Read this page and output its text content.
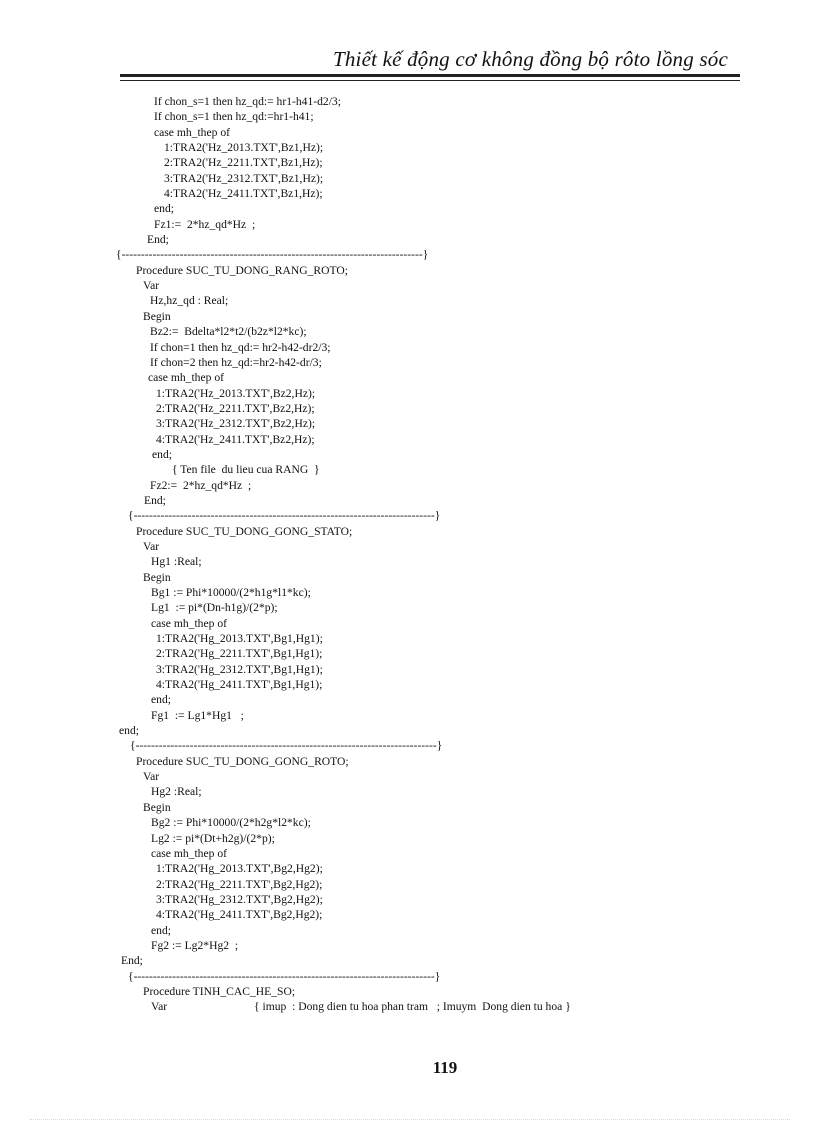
Thiết kế động cơ không đồng bộ rôto lồng sóc
If chon_s=1 then hz_qd:= hr1-h41-d2/3;
If chon_s=1 then hz_qd:=hr1-h41;
case mh_thep of
1:TRA2('Hz_2013.TXT',Bz1,Hz);
2:TRA2('Hz_2211.TXT',Bz1,Hz);
3:TRA2('Hz_2312.TXT',Bz1,Hz);
4:TRA2('Hz_2411.TXT',Bz1,Hz);
end;
Fz1:=  2*hz_qd*Hz  ;
End;
{------------------------------------------------------------------------------}
Procedure SUC_TU_DONG_RANG_ROTO;
Var
Hz,hz_qd : Real;
Begin
Bz2:=  Bdelta*l2*t2/(b2z*l2*kc);
If chon=1 then hz_qd:= hr2-h42-dr2/3;
If chon=2 then hz_qd:=hr2-h42-dr/3;
case mh_thep of
1:TRA2('Hz_2013.TXT',Bz2,Hz);
2:TRA2('Hz_2211.TXT',Bz2,Hz);
3:TRA2('Hz_2312.TXT',Bz2,Hz);
4:TRA2('Hz_2411.TXT',Bz2,Hz);
end;
{ Ten file  du lieu cua RANG  }
Fz2:=  2*hz_qd*Hz  ;
End;
{------------------------------------------------------------------------------}
Procedure SUC_TU_DONG_GONG_STATO;
Var
Hg1 :Real;
Begin
Bg1 := Phi*10000/(2*h1g*l1*kc);
Lg1  := pi*(Dn-h1g)/(2*p);
case mh_thep of
1:TRA2('Hg_2013.TXT',Bg1,Hg1);
2:TRA2('Hg_2211.TXT',Bg1,Hg1);
3:TRA2('Hg_2312.TXT',Bg1,Hg1);
4:TRA2('Hg_2411.TXT',Bg1,Hg1);
end;
Fg1  := Lg1*Hg1   ;
end;
{------------------------------------------------------------------------------}
Procedure SUC_TU_DONG_GONG_ROTO;
Var
Hg2 :Real;
Begin
Bg2 := Phi*10000/(2*h2g*l2*kc);
Lg2 := pi*(Dt+h2g)/(2*p);
case mh_thep of
1:TRA2('Hg_2013.TXT',Bg2,Hg2);
2:TRA2('Hg_2211.TXT',Bg2,Hg2);
3:TRA2('Hg_2312.TXT',Bg2,Hg2);
4:TRA2('Hg_2411.TXT',Bg2,Hg2);
end;
Fg2 := Lg2*Hg2  ;
End;
{------------------------------------------------------------------------------}
Procedure TINH_CAC_HE_SO;
Var                              { imup  : Dong dien tu hoa phan tram   ; Imuym  Dong dien tu hoa }
119
